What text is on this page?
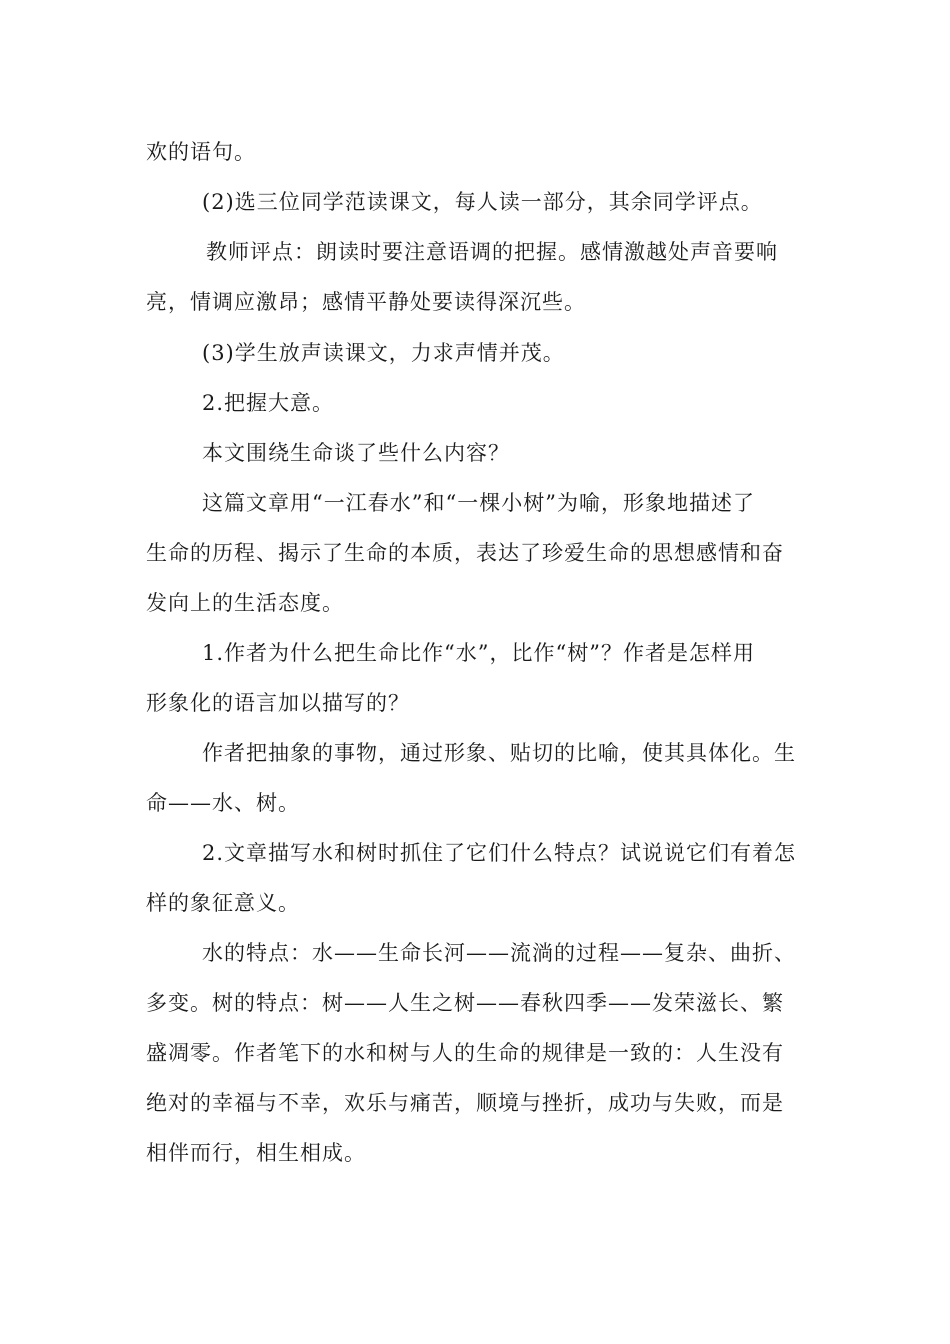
欢的语句。
(2)选三位同学范读课文，每人读一部分，其余同学评点。
教师评点：朗读时要注意语调的把握。感情激越处声音要响
亮，情调应激昂；感情平静处要读得深沉些。
(3)学生放声读课文，力求声情并茂。
2.把握大意。
本文围绕生命谈了些什么内容？
这篇文章用“一江春水”和“一棵小树”为喻，形象地描述了
生命的历程、揭示了生命的本质，表达了珍爱生命的思想感情和奋
发向上的生活态度。
1.作者为什么把生命比作“水”，比作“树”？作者是怎样用
形象化的语言加以描写的？
作者把抽象的事物，通过形象、贴切的比喻，使其具体化。生
命——水、树。
2.文章描写水和树时抓住了它们什么特点？试说说它们有着怎
样的象征意义。
水的特点：水——生命长河——流淌的过程——复杂、曲折、
多变。树的特点：树——人生之树——春秋四季——发荣滋长、繁
盛凋零。作者笔下的水和树与人的生命的规律是一致的：人生没有
绝对的幸福与不幸，欢乐与痛苦，顺境与挫折，成功与失败，而是
相伴而行，相生相成。
